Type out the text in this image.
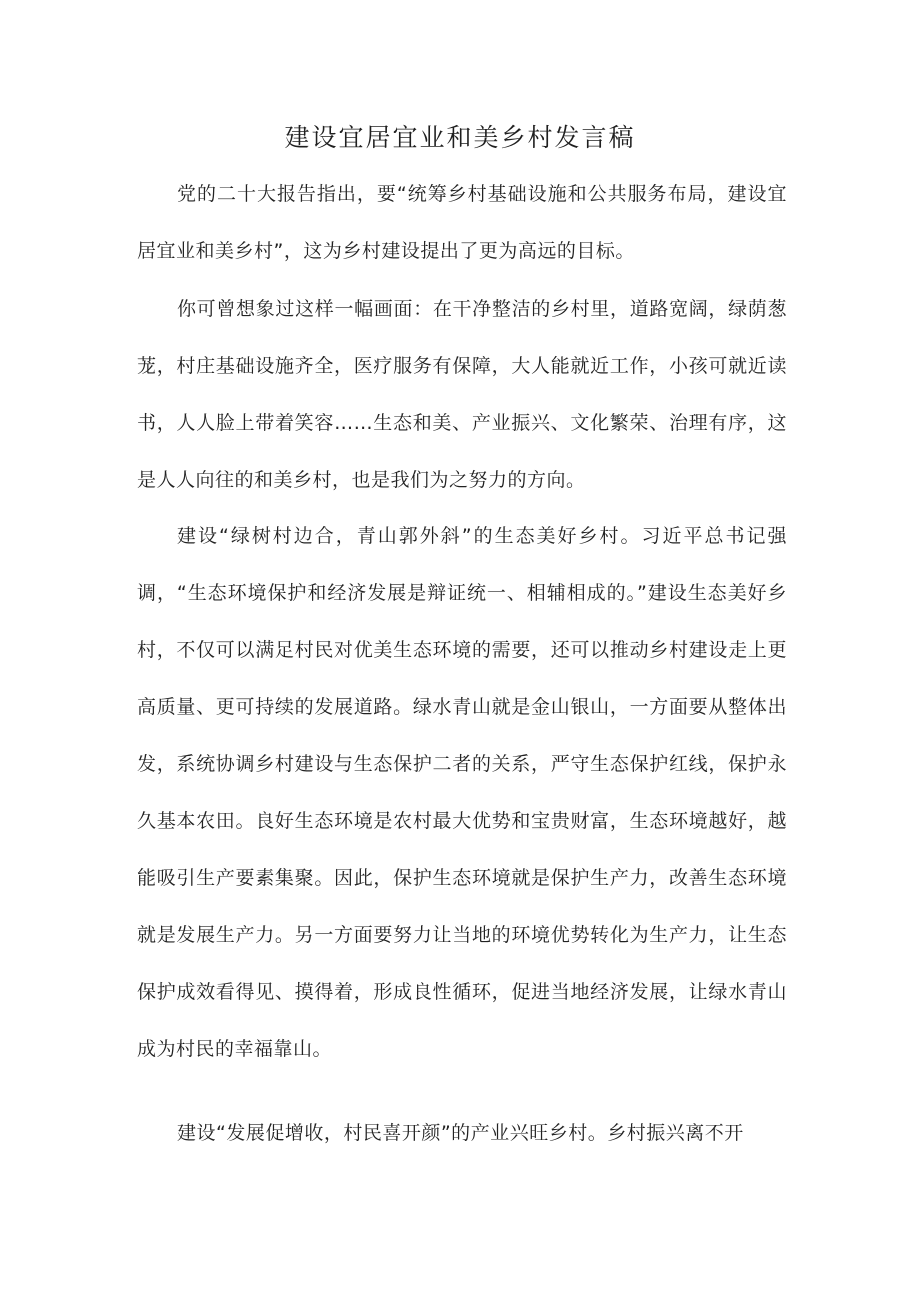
建设宜居宜业和美乡村发言稿

党的二十大报告指出，要“统筹乡村基础设施和公共服务布局，建设宜居宜业和美乡村”，这为乡村建设提出了更为高远的目标。

你可曾想象过这样一幅画面：在干净整洁的乡村里，道路宽阔，绿荫葱茏，村庄基础设施齐全，医疗服务有保障，大人能就近工作，小孩可就近读书，人人脸上带着笑容……生态和美、产业振兴、文化繁荣、治理有序，这是人人向往的和美乡村，也是我们为之努力的方向。

建设“绿树村边合，青山郭外斜”的生态美好乡村。习近平总书记强调，“生态环境保护和经济发展是辩证统一、相辅相成的。”建设生态美好乡村，不仅可以满足村民对优美生态环境的需要，还可以推动乡村建设走上更高质量、更可持续的发展道路。绿水青山就是金山银山，一方面要从整体出发，系统协调乡村建设与生态保护二者的关系，严守生态保护红线，保护永久基本农田。良好生态环境是农村最大优势和宝贵财富，生态环境越好，越能吸引生产要素集聚。因此，保护生态环境就是保护生产力，改善生态环境就是发展生产力。另一方面要努力让当地的环境优势转化为生产力，让生态保护成效看得见、摸得着，形成良性循环，促进当地经济发展，让绿水青山成为村民的幸福靠山。

建设“发展促增收，村民喜开颜”的产业兴旺乡村。乡村振兴离不开
